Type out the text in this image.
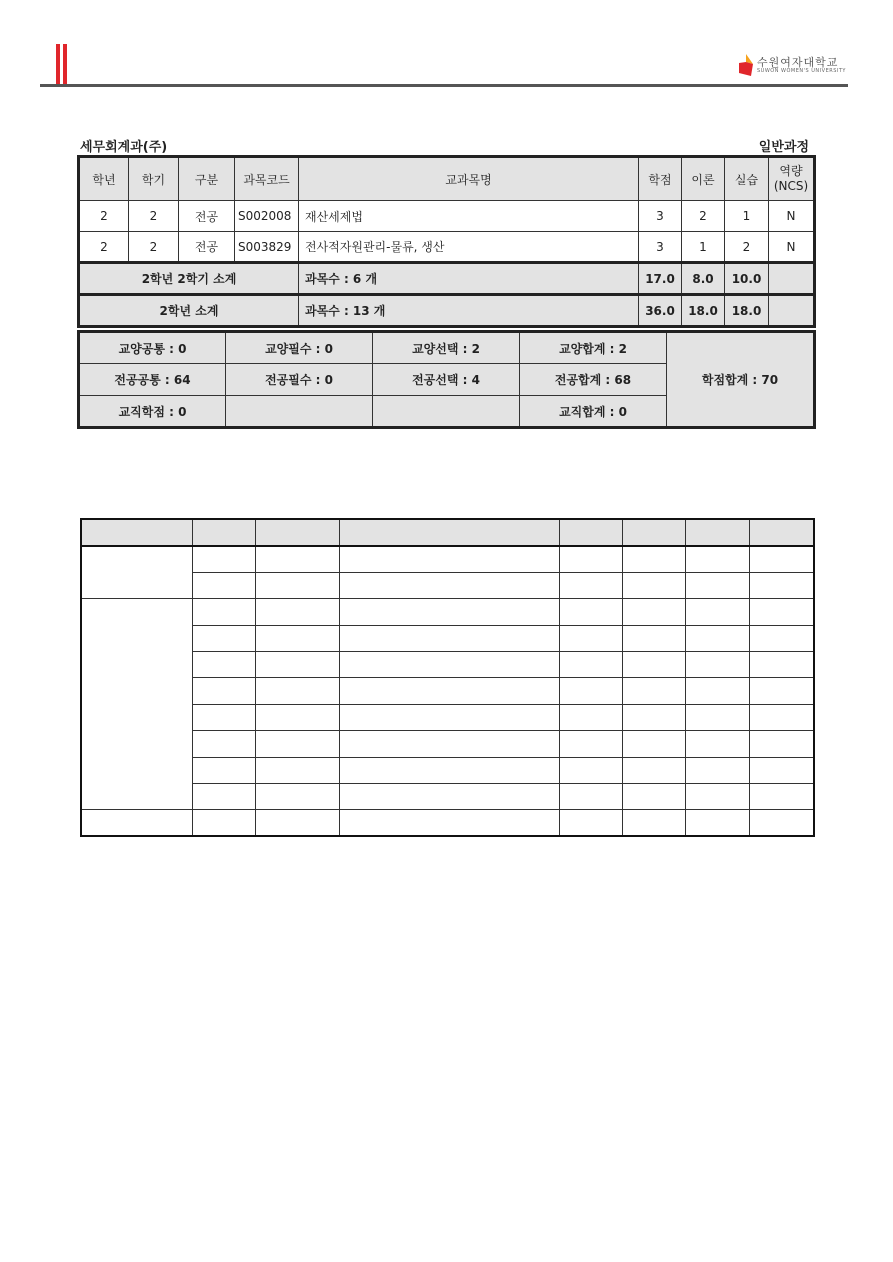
수원여자대학교
SUWON WOMEN'S UNIVERSITY
세무회계과(주)	일반과정
학년	학기	구분	과목코드	교과목명	학점	이론	실습	역량
(NCS)
2	2	전공	S002008	재산세제법	3	2	1	N
2	2	전공	S003829	전사적자원관리-물류, 생산	3	1	2	N
2학년 2학기 소계				과목수 : 6 개	17.0	8.0	10.0	
2학년 소계				과목수 : 13 개	36.0	18.0	18.0	
교양공통 : 0	교양필수 : 0	교양선택 : 2	교양합계 : 2	학점합계 : 70
전공공통 : 64	전공필수 : 0	전공선택 : 4	전공합계 : 68	
교직학점 : 0			교직합계 : 0	
